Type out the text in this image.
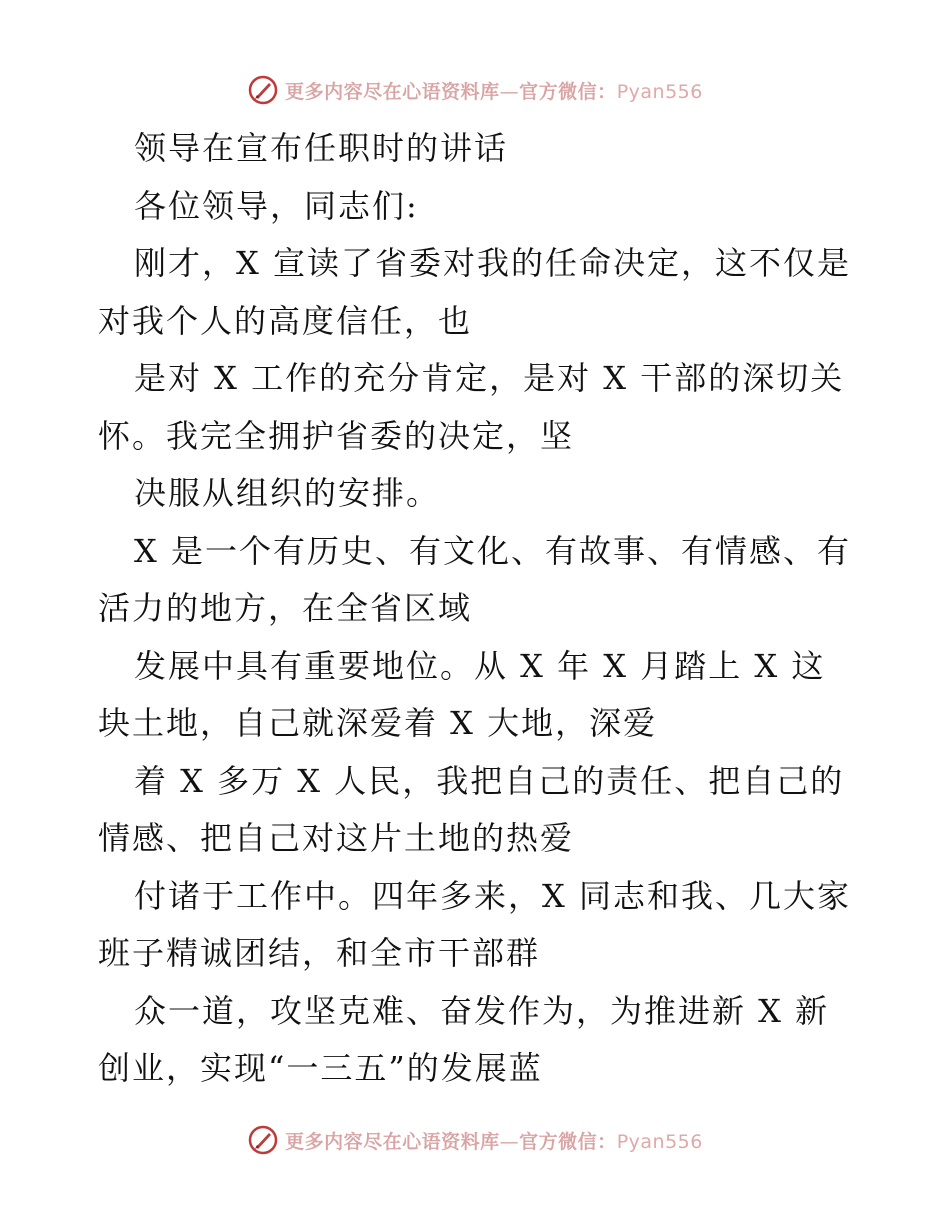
更多内容尽在心语资料库—官方微信：Pyan556
领导在宣布任职时的讲话
各位领导，同志们:
刚才，X 宣读了省委对我的任命决定，这不仅是
对我个人的高度信任，也
是对 X 工作的充分肯定，是对 X 干部的深切关
怀。我完全拥护省委的决定，坚
决服从组织的安排。
X 是一个有历史、有文化、有故事、有情感、有
活力的地方，在全省区域
发展中具有重要地位。从 X 年 X 月踏上 X 这
块土地，自己就深爱着 X 大地，深爱
着 X 多万 X 人民，我把自己的责任、把自己的
情感、把自己对这片土地的热爱
付诸于工作中。四年多来，X 同志和我、几大家
班子精诚团结，和全市干部群
众一道，攻坚克难、奋发作为，为推进新 X 新
创业，实现“一三五”的发展蓝
更多内容尽在心语资料库—官方微信：Pyan556
